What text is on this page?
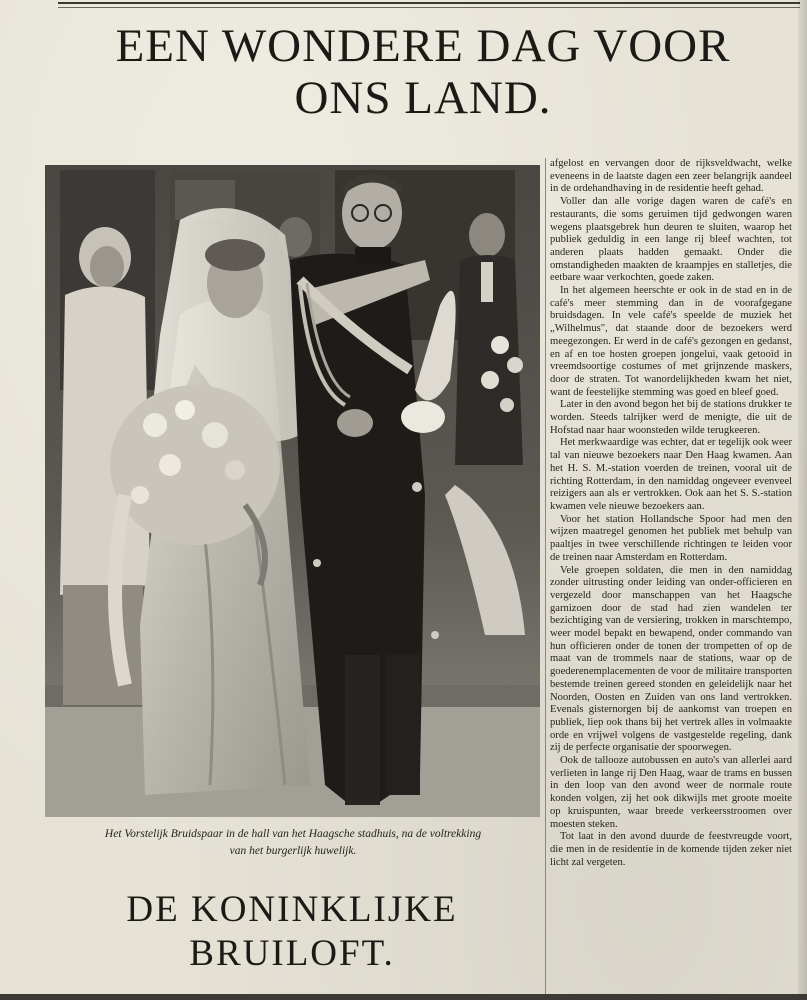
EEN WONDERE DAG VOOR
ONS LAND.
Het Vorstelijk Bruidspaar in de hall van het Haagsche stadhuis, na de voltrekking
van het burgerlijk huwelijk.
DE KONINKLIJKE
BRUILOFT.

afgelost en vervangen door de rijksveldwacht, welke eveneens in de laatste dagen een zeer belangrijk aandeel in de ordehandhaving in de residentie heeft gehad.

Voller dan alle vorige dagen waren de café's en restaurants, die soms geruimen tijd gedwongen waren wegens plaatsgebrek hun deuren te sluiten, waarop het publiek geduldig in een lange rij bleef wachten, tot anderen plaats hadden gemaakt. Onder die omstandigheden maakten de kraampjes en stalletjes, die eetbare waar verkochten, goede zaken.

In het algemeen heerschte er ook in de stad en in de café's meer stemming dan in de voorafgegane bruidsdagen. In vele café's speelde de muziek het „Wilhelmus", dat staande door de bezoekers werd meegezongen. Er werd in de café's gezongen en gedanst, en af en toe hosten groepen jongelui, vaak getooid in vreemdsoortige costumes of met grijnzende maskers, door de straten. Tot wanordelijkheden kwam het niet, want de feestelijke stemming was goed en bleef goed.

Later in den avond begon het bij de stations drukker te worden. Steeds talrijker werd de menigte, die uit de Hofstad naar haar woonsteden wilde terugkeeren.

Het merkwaardige was echter, dat er tegelijk ook weer tal van nieuwe bezoekers naar Den Haag kwamen. Aan het H. S. M.-station voerden de treinen, vooral uit de richting Rotterdam, in den namiddag ongeveer evenveel reizigers aan als er vertrokken. Ook aan het S. S.-station kwamen vele nieuwe bezoekers aan.

Voor het station Hollandsche Spoor had men den wijzen maatregel genomen het publiek met behulp van paaltjes in twee verschillende richtingen te leiden voor de treinen naar Amsterdam en Rotterdam.

Vele groepen soldaten, die men in den namiddag zonder uitrusting onder leiding van onder-officieren en vergezeld door manschappen van het Haagsche garnizoen door de stad had zien wandelen ter bezichtiging van de versiering, trokken in marschtempo, weer model bepakt en bewapend, onder commando van hun officieren onder de tonen der trompetten of op de maat van de trommels naar de stations, waar op de goederenemplacementen de voor de militaire transporten bestemde treinen gereed stonden en geleidelijk naar het Noorden, Oosten en Zuiden van ons land vertrokken. Evenals gisternorgen bij de aankomst van troepen en publiek, liep ook thans bij het vertrek alles in volmaakte orde en vrijwel volgens de vastgestelde regeling, dank zij de perfecte organisatie der spoorwegen.

Ook de tallooze autobussen en auto's van allerlei aard verlieten in lange rij Den Haag, waar de trams en bussen in den loop van den avond weer de normale route konden volgen, zij het ook dikwijls met groote moeite op kruispunten, waar breede verkeersstroomen over moesten steken.

Tot laat in den avond duurde de feestvreugde voort, die men in de residentie in de komende tijden zeker niet licht zal vergeten.
